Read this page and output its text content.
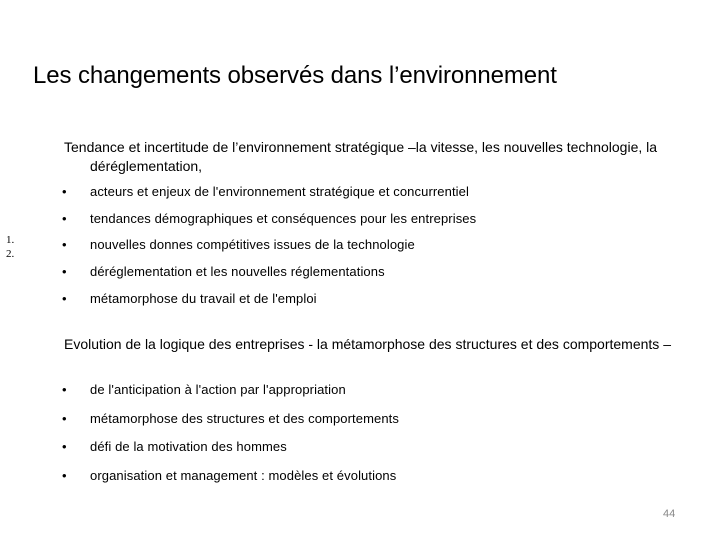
Les changements observés dans l’environnement
1.
2.
Tendance et incertitude de l’environnement stratégique –la vitesse, les nouvelles technologie, la déréglementation,
• acteurs et enjeux de l'environnement stratégique et concurrentiel
• tendances démographiques et conséquences pour les entreprises
• nouvelles donnes compétitives issues de la technologie
• déréglementation et les nouvelles réglementations
• métamorphose du travail et de l'emploi
Evolution de la logique des entreprises - la métamorphose des structures et des comportements –
• de l'anticipation à l'action par l'appropriation
• métamorphose des structures et des comportements
• défi de la motivation des hommes
• organisation et management : modèles et évolutions
44
